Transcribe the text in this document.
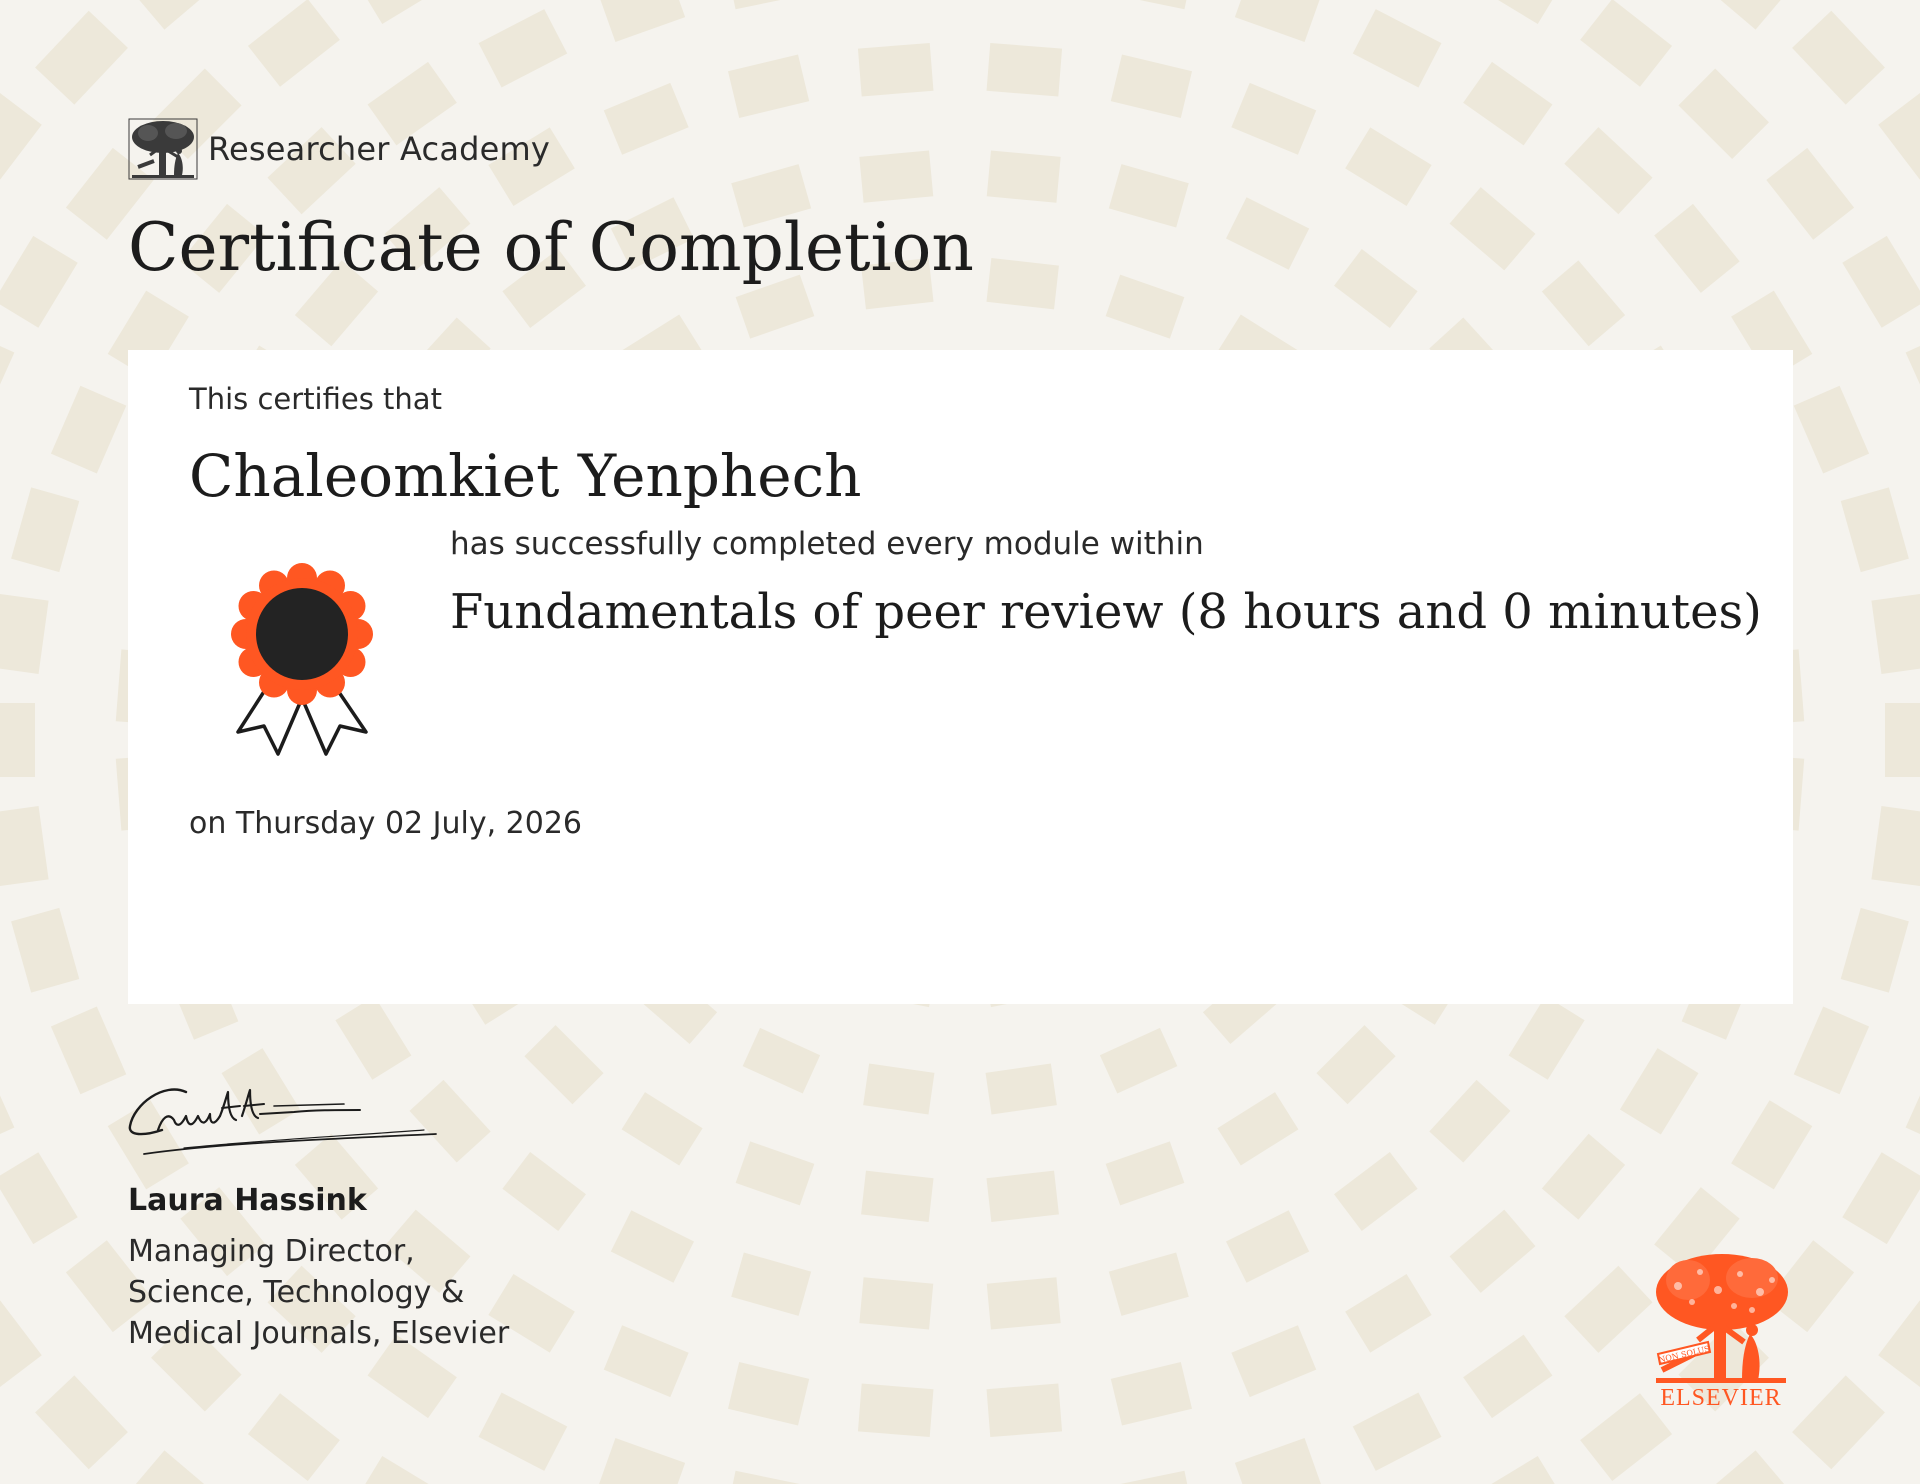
Researcher Academy
Certificate of Completion
This certifies that
Chaleomkiet Yenphech
has successfully completed every module within
Fundamentals of peer review (8 hours and 0 minutes)
on Thursday 02 July, 2026
Laura Hassink

Managing Director, Science, Technology & Medical Journals, Elsevier

NON SOLUS
ELSEVIER
